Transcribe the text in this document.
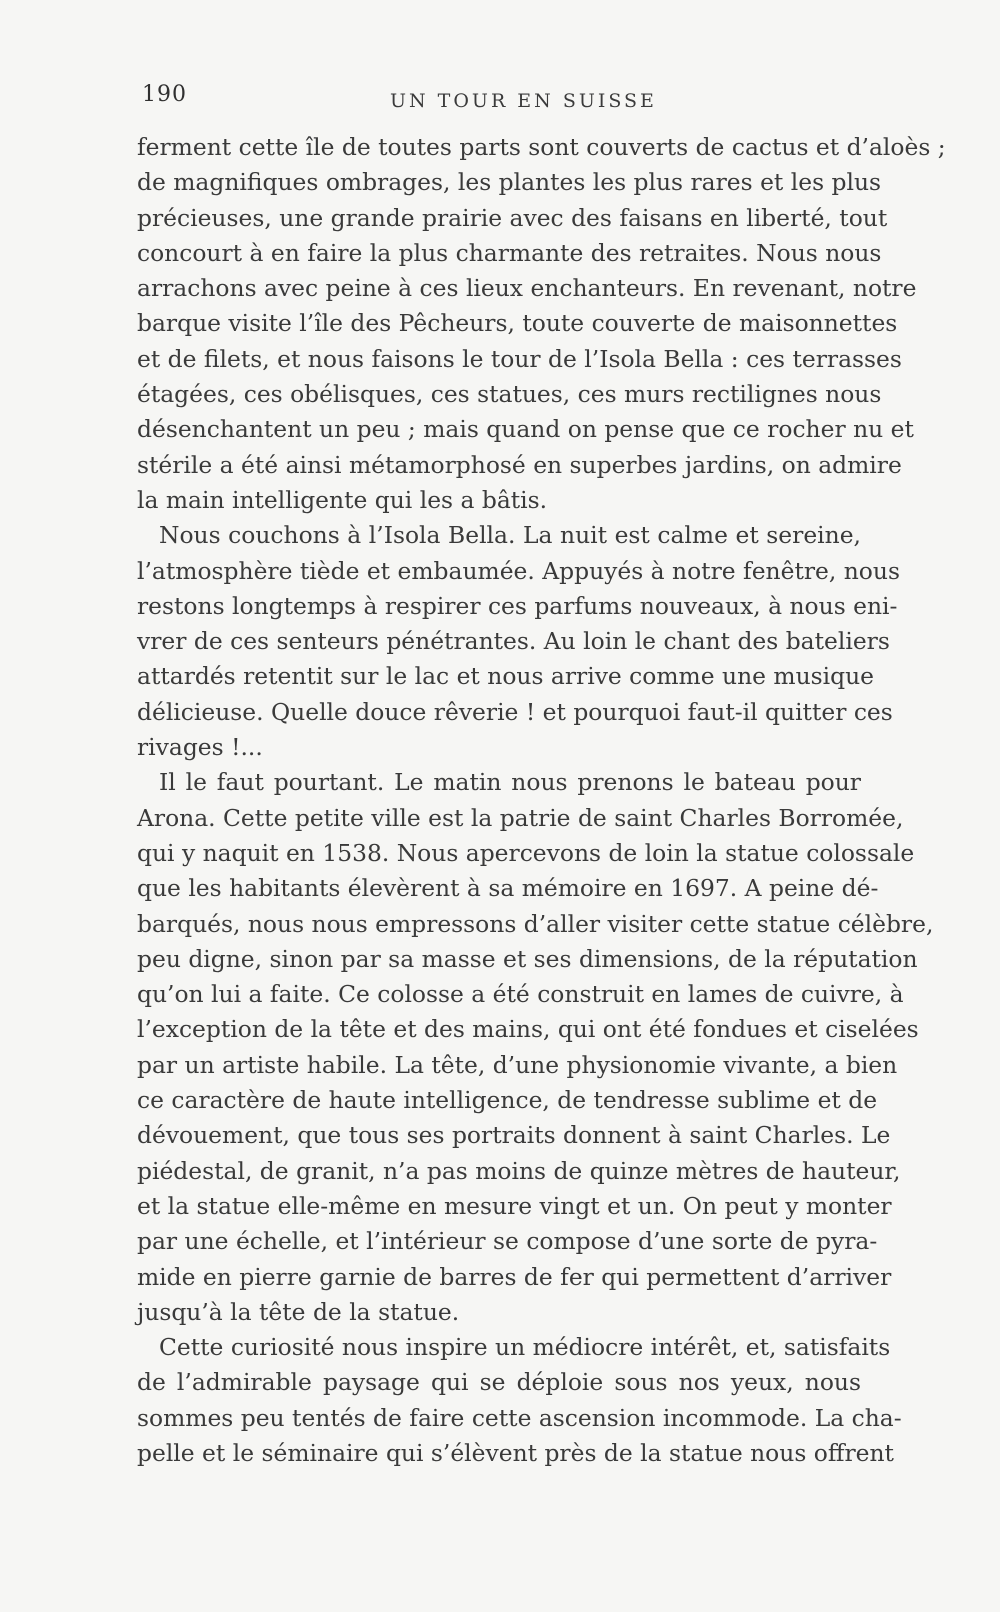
190	UN TOUR EN SUISSE
ferment cette île de toutes parts sont couverts de cactus et d’aloès ;
de magnifiques ombrages, les plantes les plus rares et les plus
précieuses, une grande prairie avec des faisans en liberté, tout
concourt à en faire la plus charmante des retraites. Nous nous
arrachons avec peine à ces lieux enchanteurs. En revenant, notre
barque visite l’île des Pêcheurs, toute couverte de maisonnettes
et de filets, et nous faisons le tour de l’Isola Bella : ces terrasses
étagées, ces obélisques, ces statues, ces murs rectilignes nous
désenchantent un peu ; mais quand on pense que ce rocher nu et
stérile a été ainsi métamorphosé en superbes jardins, on admire
la main intelligente qui les a bâtis.
Nous couchons à l’Isola Bella. La nuit est calme et sereine,
l’atmosphère tiède et embaumée. Appuyés à notre fenêtre, nous
restons longtemps à respirer ces parfums nouveaux, à nous eni-
vrer de ces senteurs pénétrantes. Au loin le chant des bateliers
attardés retentit sur le lac et nous arrive comme une musique
délicieuse. Quelle douce rêverie ! et pourquoi faut-il quitter ces
rivages !...
Il le faut pourtant. Le matin nous prenons le bateau pour
Arona. Cette petite ville est la patrie de saint Charles Borromée,
qui y naquit en 1538. Nous apercevons de loin la statue colossale
que les habitants élevèrent à sa mémoire en 1697. A peine dé-
barqués, nous nous empressons d’aller visiter cette statue célèbre,
peu digne, sinon par sa masse et ses dimensions, de la réputation
qu’on lui a faite. Ce colosse a été construit en lames de cuivre, à
l’exception de la tête et des mains, qui ont été fondues et ciselées
par un artiste habile. La tête, d’une physionomie vivante, a bien
ce caractère de haute intelligence, de tendresse sublime et de
dévouement, que tous ses portraits donnent à saint Charles. Le
piédestal, de granit, n’a pas moins de quinze mètres de hauteur,
et la statue elle-même en mesure vingt et un. On peut y monter
par une échelle, et l’intérieur se compose d’une sorte de pyra-
mide en pierre garnie de barres de fer qui permettent d’arriver
jusqu’à la tête de la statue.
Cette curiosité nous inspire un médiocre intérêt, et, satisfaits
de l’admirable paysage qui se déploie sous nos yeux, nous
sommes peu tentés de faire cette ascension incommode. La cha-
pelle et le séminaire qui s’élèvent près de la statue nous offrent
